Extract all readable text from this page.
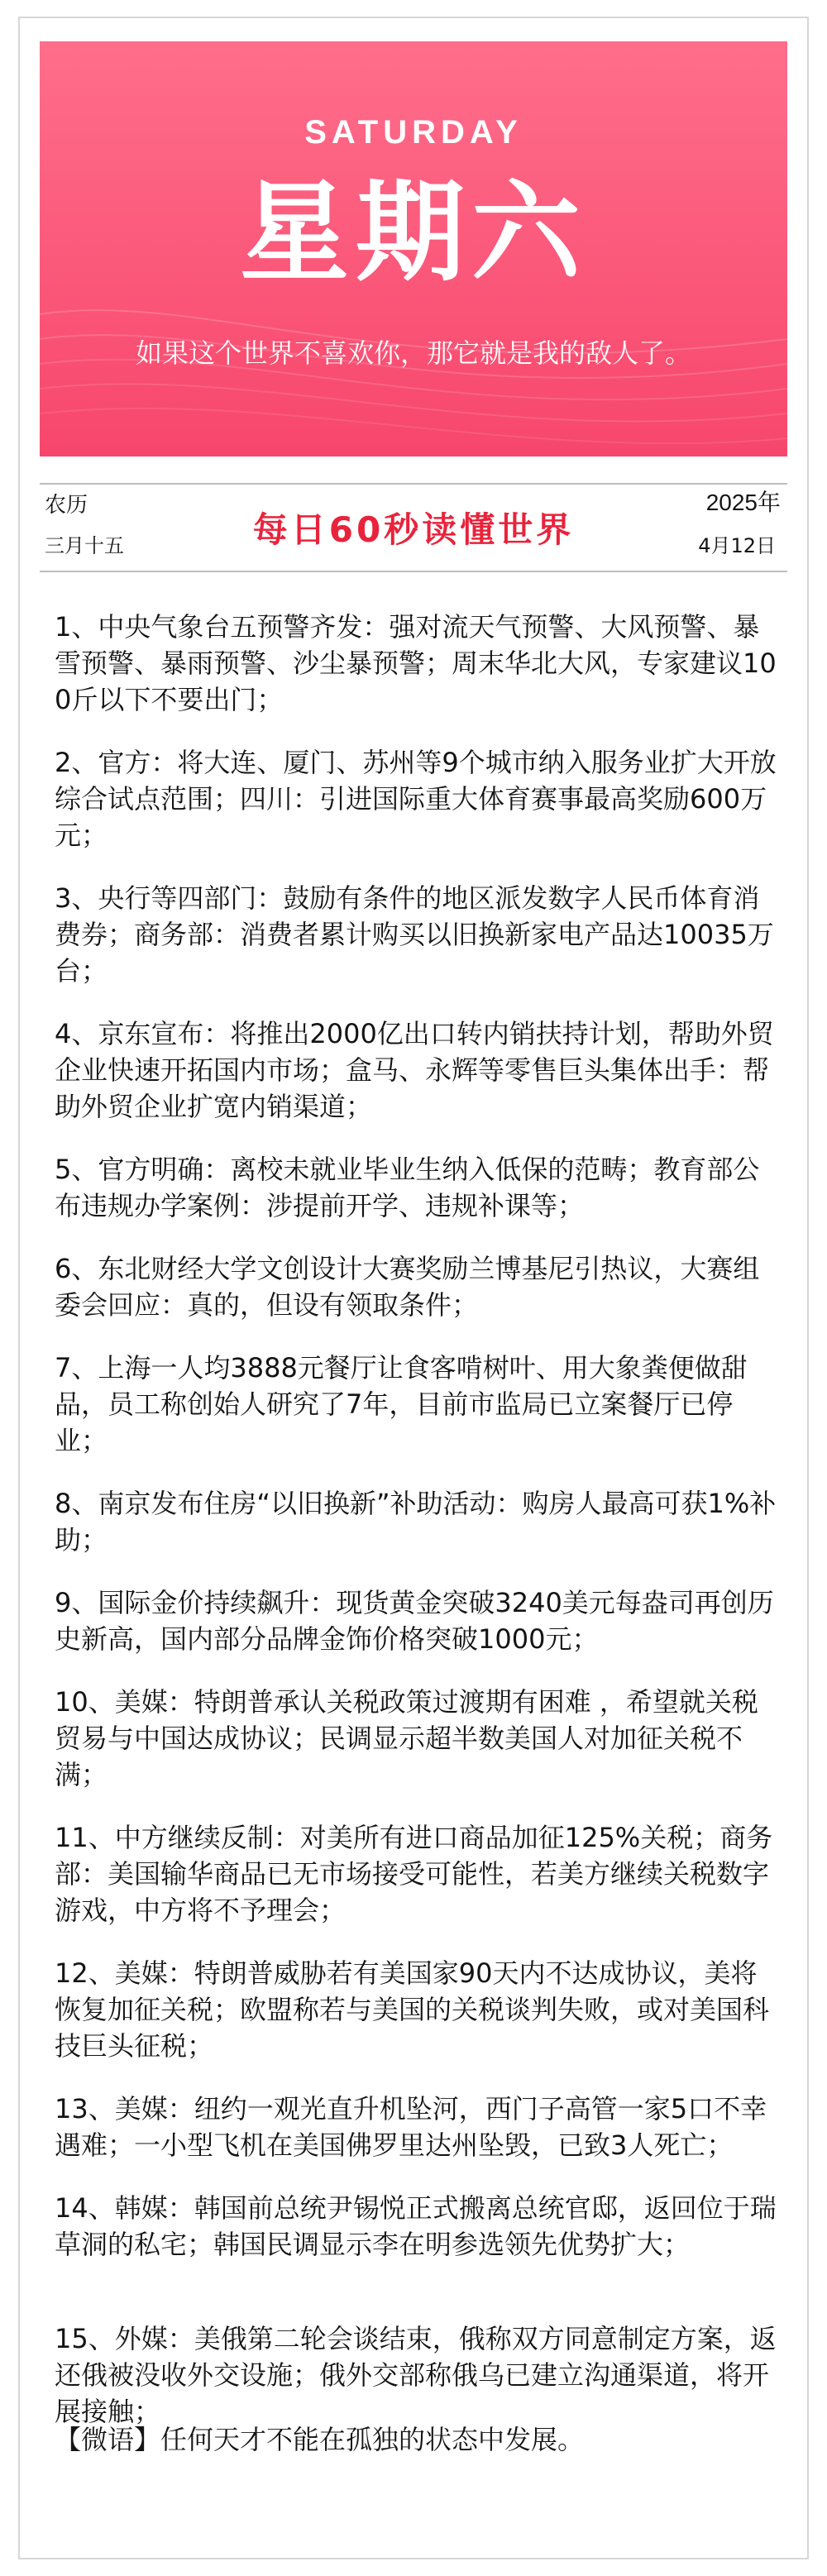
SATURDAY
星期六
如果这个世界不喜欢你，那它就是我的敌人了。
农历
三月十五	每日60秒读懂世界
2025年
4月12日
1、中央气象台五预警齐发：强对流天气预警、大风预警、暴雪预警、暴雨预警、沙尘暴预警；周末华北大风，专家建议100斤以下不要出门；
2、官方：将大连、厦门、苏州等9个城市纳入服务业扩大开放综合试点范围；四川：引进国际重大体育赛事最高奖励600万元；
3、央行等四部门：鼓励有条件的地区派发数字人民币体育消费券；商务部：消费者累计购买以旧换新家电产品达10035万台；
4、京东宣布：将推出2000亿出口转内销扶持计划，帮助外贸企业快速开拓国内市场；盒马、永辉等零售巨头集体出手：帮助外贸企业扩宽内销渠道；
5、官方明确：离校未就业毕业生纳入低保的范畴；教育部公布违规办学案例：涉提前开学、违规补课等；
6、东北财经大学文创设计大赛奖励兰博基尼引热议，大赛组委会回应：真的，但设有领取条件；
7、上海一人均3888元餐厅让食客啃树叶、用大象粪便做甜品，员工称创始人研究了7年，目前市监局已立案餐厅已停业；
8、南京发布住房“以旧换新”补助活动：购房人最高可获1%补助；
9、国际金价持续飙升：现货黄金突破3240美元每盎司再创历史新高，国内部分品牌金饰价格突破1000元；
10、美媒：特朗普承认关税政策过渡期有困难 ，希望就关税贸易与中国达成协议；民调显示超半数美国人对加征关税不满；
11、中方继续反制：对美所有进口商品加征125%关税；商务部：美国输华商品已无市场接受可能性，若美方继续关税数字游戏，中方将不予理会；
12、美媒：特朗普威胁若有美国家90天内不达成协议，美将恢复加征关税；欧盟称若与美国的关税谈判失败，或对美国科技巨头征税；
13、美媒：纽约一观光直升机坠河，西门子高管一家5口不幸遇难；一小型飞机在美国佛罗里达州坠毁，已致3人死亡；
14、韩媒：韩国前总统尹锡悦正式搬离总统官邸，返回位于瑞草洞的私宅；韩国民调显示李在明参选领先优势扩大；
15、外媒：美俄第二轮会谈结束，俄称双方同意制定方案，返还俄被没收外交设施；俄外交部称俄乌已建立沟通渠道，将开展接触；
【微语】任何天才不能在孤独的状态中发展。
